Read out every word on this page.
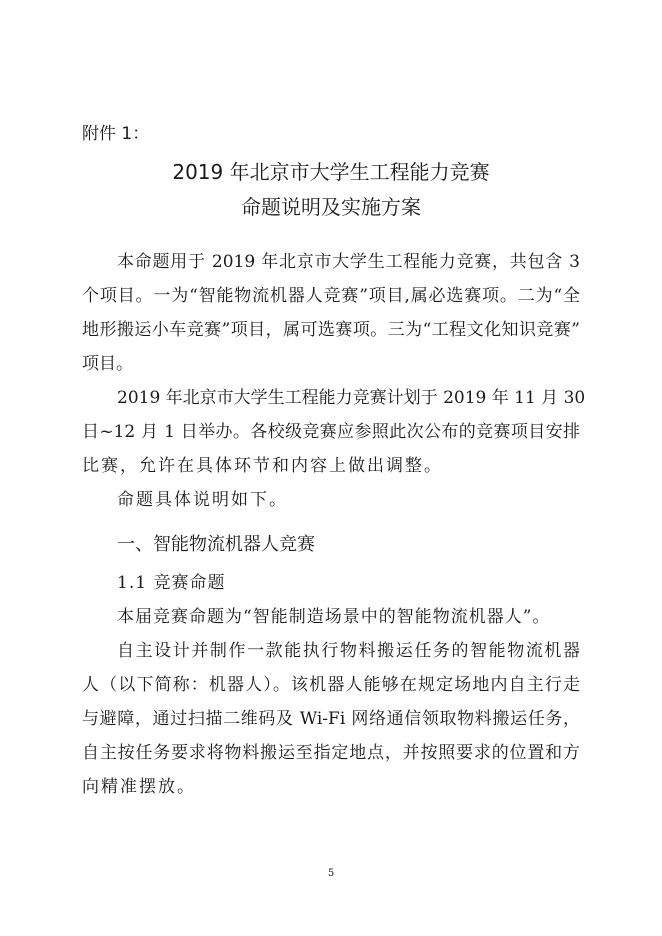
附件 1：
2019 年北京市大学生工程能力竞赛
命题说明及实施方案
本命题用于 2019 年北京市大学生工程能力竞赛，共包含 3
个项目。一为“智能物流机器人竞赛”项目,属必选赛项。二为“全
地形搬运小车竞赛”项目，属可选赛项。三为“工程文化知识竞赛”
项目。
2019 年北京市大学生工程能力竞赛计划于 2019 年 11 月 30
日~12 月 1 日举办。各校级竞赛应参照此次公布的竞赛项目安排
比赛，允许在具体环节和内容上做出调整。
命题具体说明如下。
一、智能物流机器人竞赛
1.1 竞赛命题
本届竞赛命题为“智能制造场景中的智能物流机器人”。
自主设计并制作一款能执行物料搬运任务的智能物流机器
人（以下简称：机器人）。该机器人能够在规定场地内自主行走
与避障，通过扫描二维码及 Wi-Fi 网络通信领取物料搬运任务，
自主按任务要求将物料搬运至指定地点，并按照要求的位置和方
向精准摆放。
5
